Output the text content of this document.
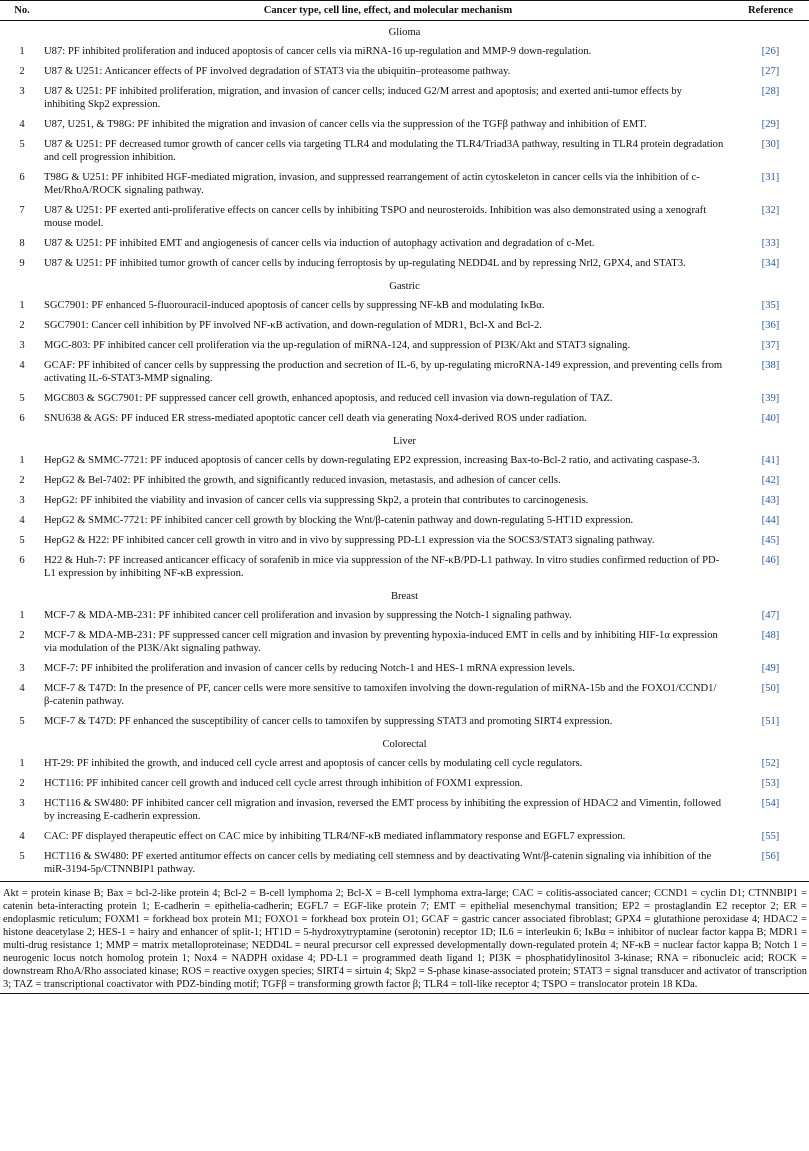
No.	Cancer type, cell line, effect, and molecular mechanism	Reference
Glioma		
1	U87: PF inhibited proliferation and induced apoptosis of cancer cells via miRNA-16 up-regulation and MMP-9 down-regulation.	[26]
2	U87 & U251: Anticancer effects of PF involved degradation of STAT3 via the ubiquitin–proteasome pathway.	[27]
3	U87 & U251: PF inhibited proliferation, migration, and invasion of cancer cells; induced G2/M arrest and apoptosis; and exerted anti-tumor effects by inhibiting Skp2 expression.	[28]
4	U87, U251, & T98G: PF inhibited the migration and invasion of cancer cells via the suppression of the TGFβ pathway and inhibition of EMT.	[29]
5	U87 & U251: PF decreased tumor growth of cancer cells via targeting TLR4 and modulating the TLR4/Triad3A pathway, resulting in TLR4 protein degradation and cell progression inhibition.	[30]
6	T98G & U251: PF inhibited HGF-mediated migration, invasion, and suppressed rearrangement of actin cytoskeleton in cancer cells via the inhibition of c-Met/RhoA/ROCK signaling pathway.	[31]
7	U87 & U251: PF exerted anti-proliferative effects on cancer cells by inhibiting TSPO and neurosteroids. Inhibition was also demonstrated using a xenograft mouse model.	[32]
8	U87 & U251: PF inhibited EMT and angiogenesis of cancer cells via induction of autophagy activation and degradation of c-Met.	[33]
9	U87 & U251: PF inhibited tumor growth of cancer cells by inducing ferroptosis by up-regulating NEDD4L and by repressing Nrl2, GPX4, and STAT3.	[34]
Gastric		
1	SGC7901: PF enhanced 5-fluorouracil-induced apoptosis of cancer cells by suppressing NF-kB and modulating IκBα.	[35]
2	SGC7901: Cancer cell inhibition by PF involved NF-κB activation, and down-regulation of MDR1, Bcl-X and Bcl-2.	[36]
3	MGC-803: PF inhibited cancer cell proliferation via the up-regulation of miRNA-124, and suppression of PI3K/Akt and STAT3 signaling.	[37]
4	GCAF: PF inhibited of cancer cells by suppressing the production and secretion of IL-6, by up-regulating microRNA-149 expression, and preventing cells from activating IL-6-STAT3-MMP signaling.	[38]
5	MGC803 & SGC7901: PF suppressed cancer cell growth, enhanced apoptosis, and reduced cell invasion via down-regulation of TAZ.	[39]
6	SNU638 & AGS: PF induced ER stress-mediated apoptotic cancer cell death via generating Nox4-derived ROS under radiation.	[40]
Liver		
1	HepG2 & SMMC-7721: PF induced apoptosis of cancer cells by down-regulating EP2 expression, increasing Bax-to-Bcl-2 ratio, and activating caspase-3.	[41]
2	HepG2 & Bel-7402: PF inhibited the growth, and significantly reduced invasion, metastasis, and adhesion of cancer cells.	[42]
3	HepG2: PF inhibited the viability and invasion of cancer cells via suppressing Skp2, a protein that contributes to carcinogenesis.	[43]
4	HepG2 & SMMC-7721: PF inhibited cancer cell growth by blocking the Wnt/β-catenin pathway and down-regulating 5-HT1D expression.	[44]
5	HepG2 & H22: PF inhibited cancer cell growth in vitro and in vivo by suppressing PD-L1 expression via the SOCS3/STAT3 signaling pathway.	[45]
6	H22 & Huh-7: PF increased anticancer efficacy of sorafenib in mice via suppression of the NF-κB/PD-L1 pathway. In vitro studies confirmed reduction of PD-L1 expression by inhibiting NF-κB expression.	[46]
Breast		
1	MCF-7 & MDA-MB-231: PF inhibited cancer cell proliferation and invasion by suppressing the Notch-1 signaling pathway.	[47]
2	MCF-7 & MDA-MB-231: PF suppressed cancer cell migration and invasion by preventing hypoxia-induced EMT in cells and by inhibiting HIF-1α expression via modulation of the PI3K/Akt signaling pathway.	[48]
3	MCF-7: PF inhibited the proliferation and invasion of cancer cells by reducing Notch-1 and HES-1 mRNA expression levels.	[49]
4	MCF-7 & T47D: In the presence of PF, cancer cells were more sensitive to tamoxifen involving the down-regulation of miRNA-15b and the FOXO1/CCND1/β-catenin pathway.	[50]
5	MCF-7 & T47D: PF enhanced the susceptibility of cancer cells to tamoxifen by suppressing STAT3 and promoting SIRT4 expression.	[51]
Colorectal		
1	HT-29: PF inhibited the growth, and induced cell cycle arrest and apoptosis of cancer cells by modulating cell cycle regulators.	[52]
2	HCT116: PF inhibited cancer cell growth and induced cell cycle arrest through inhibition of FOXM1 expression.	[53]
3	HCT116 & SW480: PF inhibited cancer cell migration and invasion, reversed the EMT process by inhibiting the expression of HDAC2 and Vimentin, followed by increasing E-cadherin expression.	[54]
4	CAC: PF displayed therapeutic effect on CAC mice by inhibiting TLR4/NF-κB mediated inflammatory response and EGFL7 expression.	[55]
5	HCT116 & SW480: PF exerted antitumor effects on cancer cells by mediating cell stemness and by deactivating Wnt/β-catenin signaling via inhibition of the miR-3194-5p/CTNNBIP1 pathway.	[56]
Akt = protein kinase B; Bax = bcl-2-like protein 4; Bcl-2 = B-cell lymphoma 2; Bcl-X = B-cell lymphoma extra-large; CAC = colitis-associated cancer; CCND1 = cyclin D1; CTNNBIP1 = catenin beta-interacting protein 1; E-cadherin = epithelia-cadherin; EGFL7 = EGF-like protein 7; EMT = epithelial mesenchymal transition; EP2 = prostaglandin E2 receptor 2; ER = endoplasmic reticulum; FOXM1 = forkhead box protein M1; FOXO1 = forkhead box protein O1; GCAF = gastric cancer associated fibroblast; GPX4 = glutathione peroxidase 4; HDAC2 = histone deacetylase 2; HES-1 = hairy and enhancer of split-1; HT1D = 5-hydroxytryptamine (serotonin) receptor 1D; IL6 = interleukin 6; IκBα = inhibitor of nuclear factor kappa B; MDR1 = multi-drug resistance 1; MMP = matrix metalloproteinase; NEDD4L = neural precursor cell expressed developmentally down-regulated protein 4; NF-κB = nuclear factor kappa B; Notch 1 = neurogenic locus notch homolog protein 1; Nox4 = NADPH oxidase 4; PD-L1 = programmed death ligand 1; PI3K = phosphatidylinositol 3-kinase; RNA = ribonucleic acid; ROCK = downstream RhoA/Rho associated kinase; ROS = reactive oxygen species; SIRT4 = sirtuin 4; Skp2 = S-phase kinase-associated protein; STAT3 = signal transducer and activator of transcription 3; TAZ = transcriptional coactivator with PDZ-binding motif; TGFβ = transforming growth factor β; TLR4 = toll-like receptor 4; TSPO = translocator protein 18 KDa.
